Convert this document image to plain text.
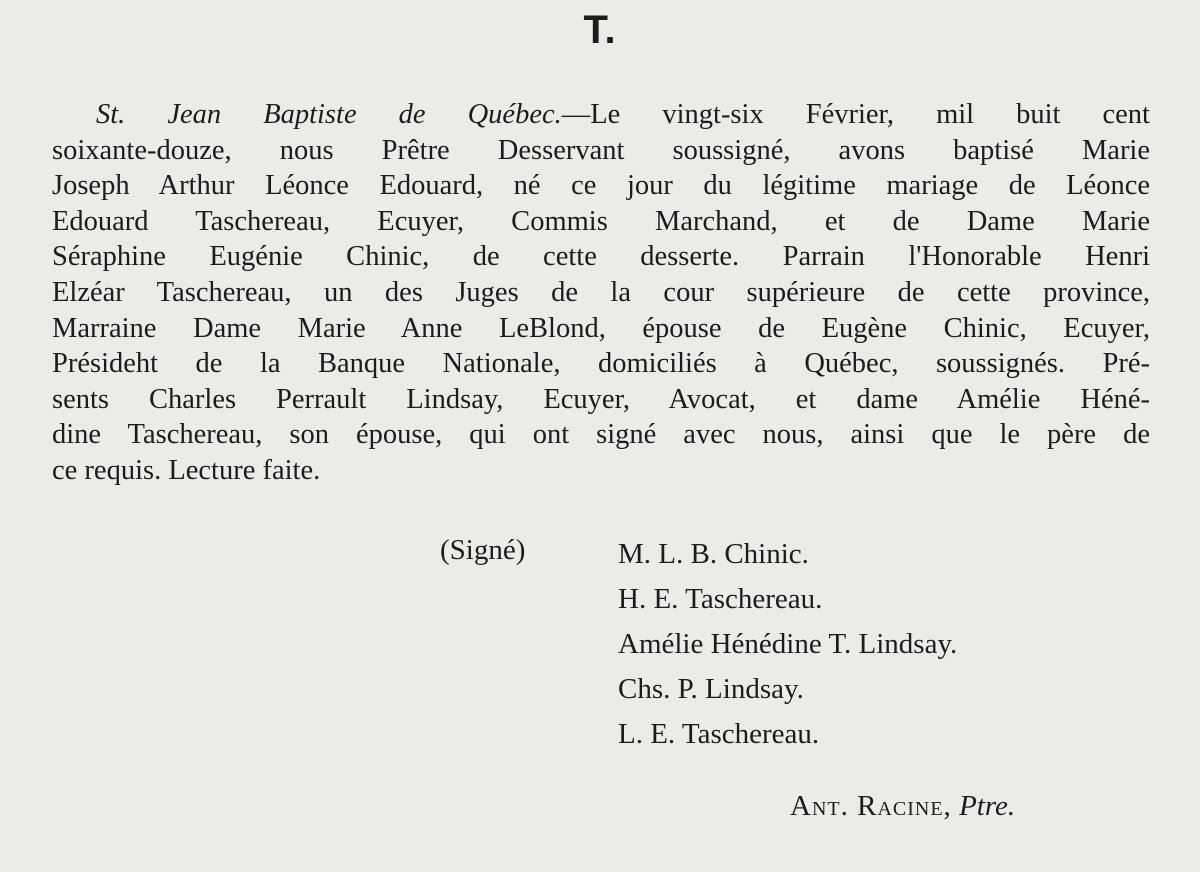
T.
St. Jean Baptiste de Québec.—Le vingt-six Février, mil buit cent
soixante-douze, nous Prêtre Desservant soussigné, avons baptisé Marie
Joseph Arthur Léonce Edouard, né ce jour du légitime mariage de Léonce
Edouard Taschereau, Ecuyer, Commis Marchand, et de Dame Marie
Séraphine Eugénie Chinic, de cette desserte. Parrain l'Honorable Henri
Elzéar Taschereau, un des Juges de la cour supérieure de cette province,
Marraine Dame Marie Anne LeBlond, épouse de Eugène Chinic, Ecuyer,
Présideht de la Banque Nationale, domiciliés à Québec, soussignés. Pré-
sents Charles Perrault Lindsay, Ecuyer, Avocat, et dame Amélie Héné-
dine Taschereau, son épouse, qui ont signé avec nous, ainsi que le père de
ce requis. Lecture faite.
(Signé)	M. L. B. Chinic.
H. E. Taschereau.
Amélie Hénédine T. Lindsay.
Chs. P. Lindsay.
L. E. Taschereau.
Ant. Racine, Ptre.
